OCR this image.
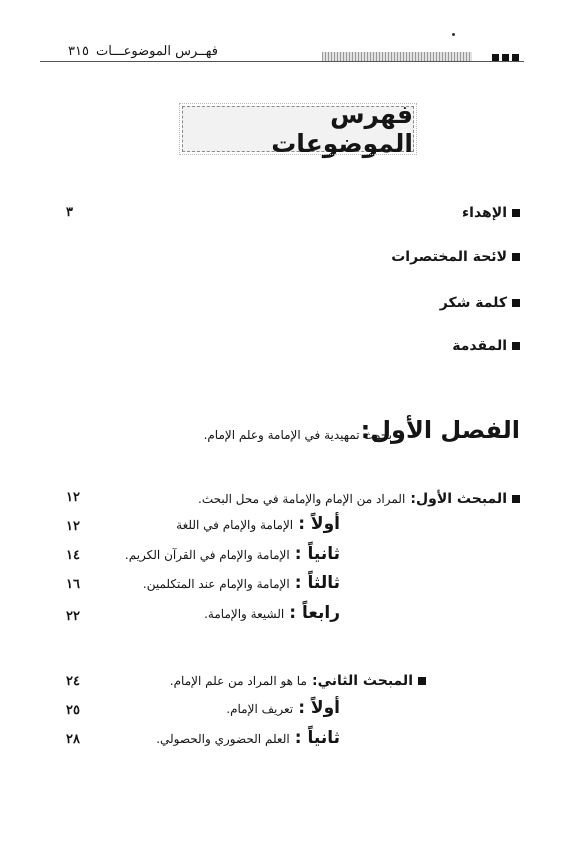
فهــرس الموضوعـــات
٣١٥
فهرس الموضوعات
الإهداء
٣
لائحة المختصرات
كلمة شكر
المقدمة
الفصل الأول:
بحوث تمهيدية في الإمامة وعلم الإمام.
المبحث الأول: المراد من الإمام والإمامة في محل البحث.
١٢
أولاً : الإمامة والإمام في اللغة
١٢
ثانياً : الإمامة والإمام في القرآن الكريم.
١٤
ثالثاً : الإمامة والإمام عند المتكلمين.
١٦
رابعاً : الشيعة والإمامة.
٢٢
المبحث الثاني: ما هو المراد من علم الإمام.
٢٤
أولاً : تعريف الإمام.
٢٥
ثانياً : العلم الحضوري والحصولي.
٢٨
